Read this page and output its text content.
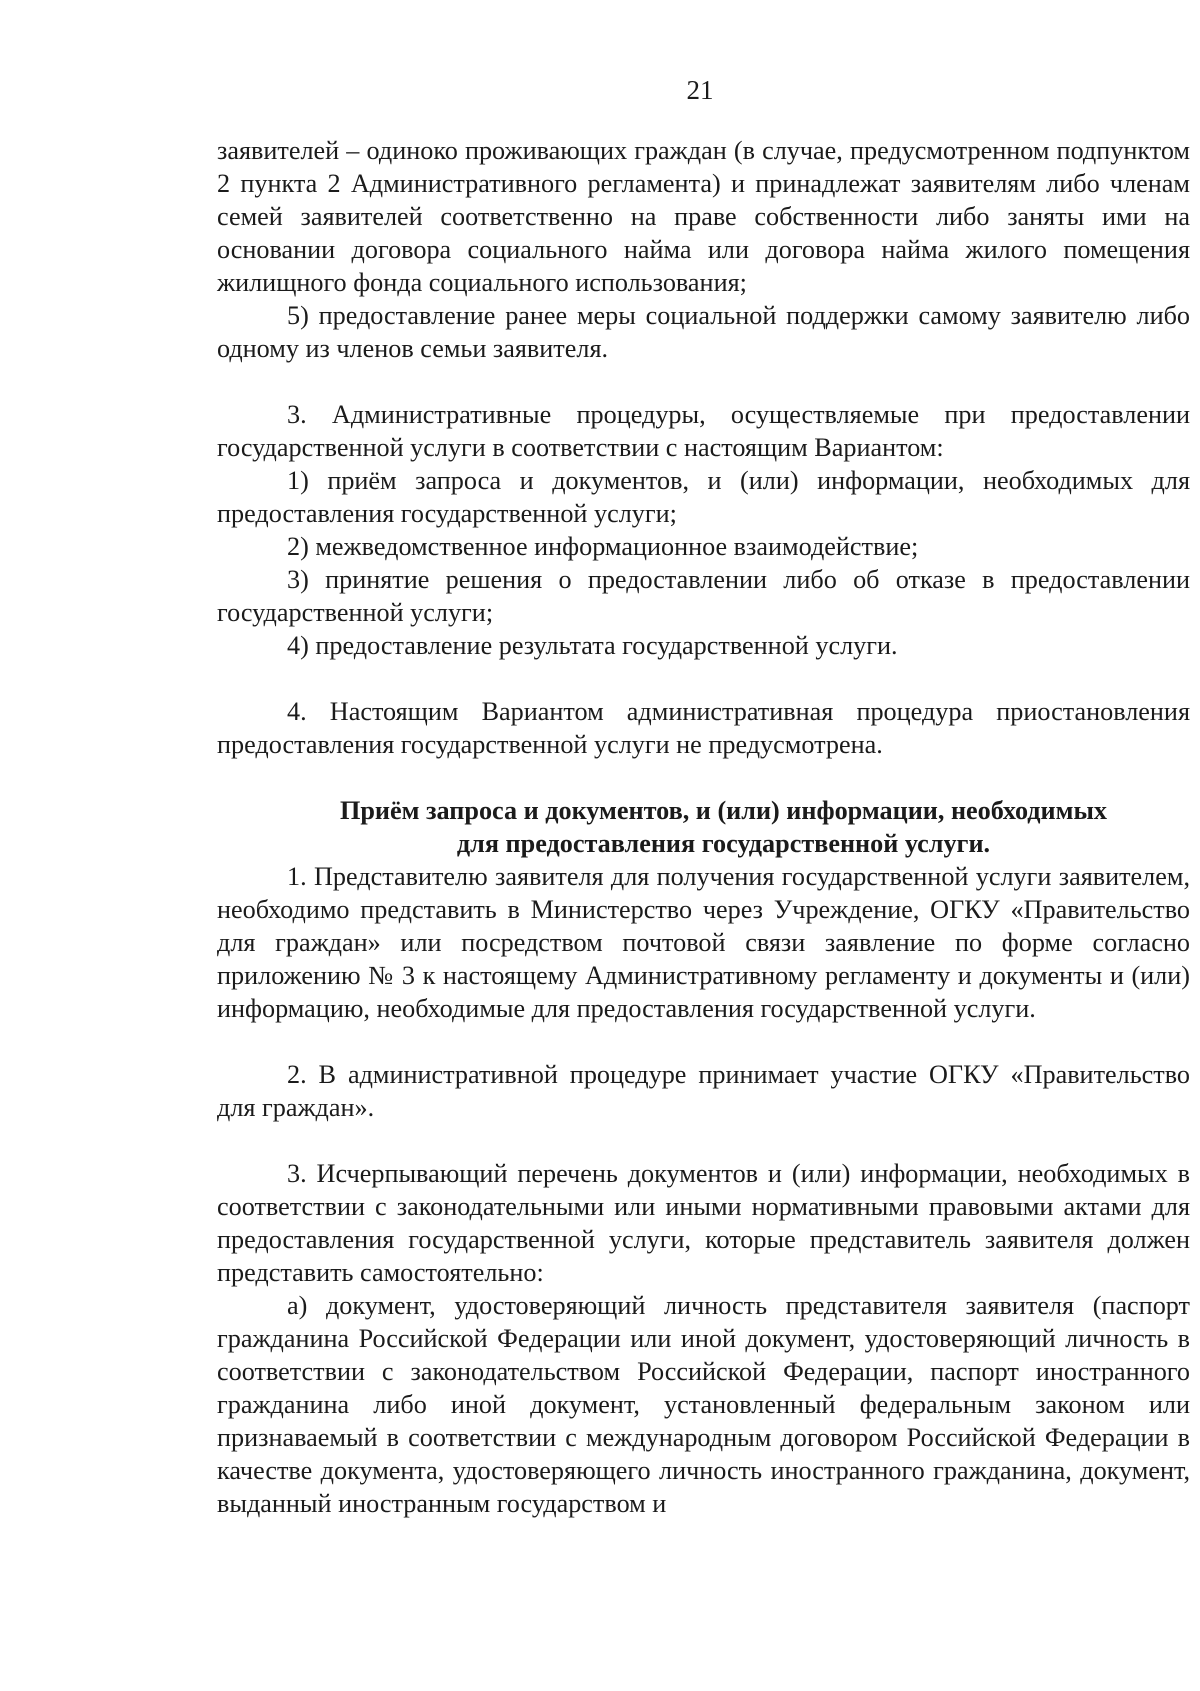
21

заявителей – одиноко проживающих граждан (в случае, предусмотренном подпунктом 2 пункта 2 Административного регламента) и принадлежат заявителям либо членам семей заявителей соответственно на праве собственности либо заняты ими на основании договора социального найма или договора найма жилого помещения жилищного фонда социального использования;

5) предоставление ранее меры социальной поддержки самому заявителю либо одному из членов семьи заявителя.

3. Административные процедуры, осуществляемые при предоставлении государственной услуги в соответствии с настоящим Вариантом:

1) приём запроса и документов, и (или) информации, необходимых для предоставления государственной услуги;

2) межведомственное информационное взаимодействие;

3) принятие решения о предоставлении либо об отказе в предоставлении государственной услуги;

4) предоставление результата государственной услуги.

4. Настоящим Вариантом административная процедура приостановления предоставления государственной услуги не предусмотрена.

Приём запроса и документов, и (или) информации, необходимых

для предоставления государственной услуги.

1. Представителю заявителя для получения государственной услуги заявителем, необходимо представить в Министерство через Учреждение, ОГКУ «Правительство для граждан» или посредством почтовой связи заявление по форме согласно приложению № 3 к настоящему Административному регламенту и документы и (или) информацию, необходимые для предоставления государственной услуги.

2. В административной процедуре принимает участие ОГКУ «Правительство для граждан».

3. Исчерпывающий перечень документов и (или) информации, необходимых в соответствии с законодательными или иными нормативными правовыми актами для предоставления государственной услуги, которые представитель заявителя должен представить самостоятельно:

а) документ, удостоверяющий личность представителя заявителя (паспорт гражданина Российской Федерации или иной документ, удостоверяющий личность в соответствии с законодательством Российской Федерации, паспорт иностранного гражданина либо иной документ, установленный федеральным законом или признаваемый в соответствии с международным договором Российской Федерации в качестве документа, удостоверяющего личность иностранного гражданина, документ, выданный иностранным государством и
